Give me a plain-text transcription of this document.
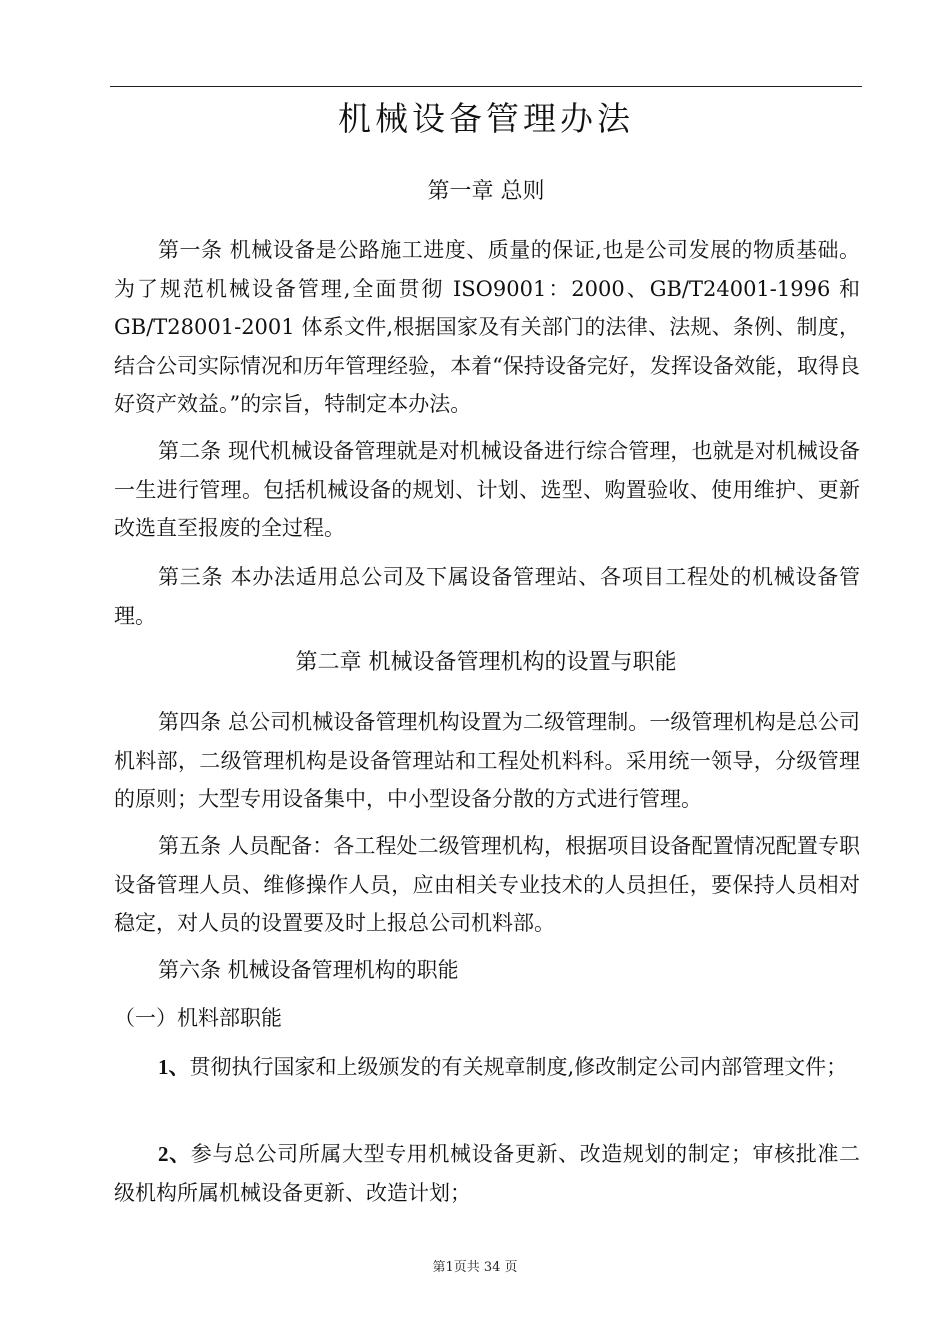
机械设备管理办法
第一章 总则

第一条 机械设备是公路施工进度、质量的保证,也是公司发展的物质基础。为了规范机械设备管理,全面贯彻 ISO9001：2000、GB/T24001-1996 和 GB/T28001-2001 体系文件,根据国家及有关部门的法律、法规、条例、制度，结合公司实际情况和历年管理经验，本着“保持设备完好，发挥设备效能，取得良好资产效益。”的宗旨，特制定本办法。

第二条 现代机械设备管理就是对机械设备进行综合管理，也就是对机械设备一生进行管理。包括机械设备的规划、计划、选型、购置验收、使用维护、更新改选直至报废的全过程。

第三条 本办法适用总公司及下属设备管理站、各项目工程处的机械设备管理。

第二章 机械设备管理机构的设置与职能

第四条 总公司机械设备管理机构设置为二级管理制。一级管理机构是总公司机料部，二级管理机构是设备管理站和工程处机料科。采用统一领导，分级管理的原则；大型专用设备集中，中小型设备分散的方式进行管理。

第五条 人员配备：各工程处二级管理机构，根据项目设备配置情况配置专职设备管理人员、维修操作人员，应由相关专业技术的人员担任，要保持人员相对稳定，对人员的设置要及时上报总公司机料部。

第六条 机械设备管理机构的职能

（一）机料部职能

1、贯彻执行国家和上级颁发的有关规章制度,修改制定公司内部管理文件；

2、参与总公司所属大型专用机械设备更新、改造规划的制定；审核批准二级机构所属机械设备更新、改造计划；

第1页共 34 页
